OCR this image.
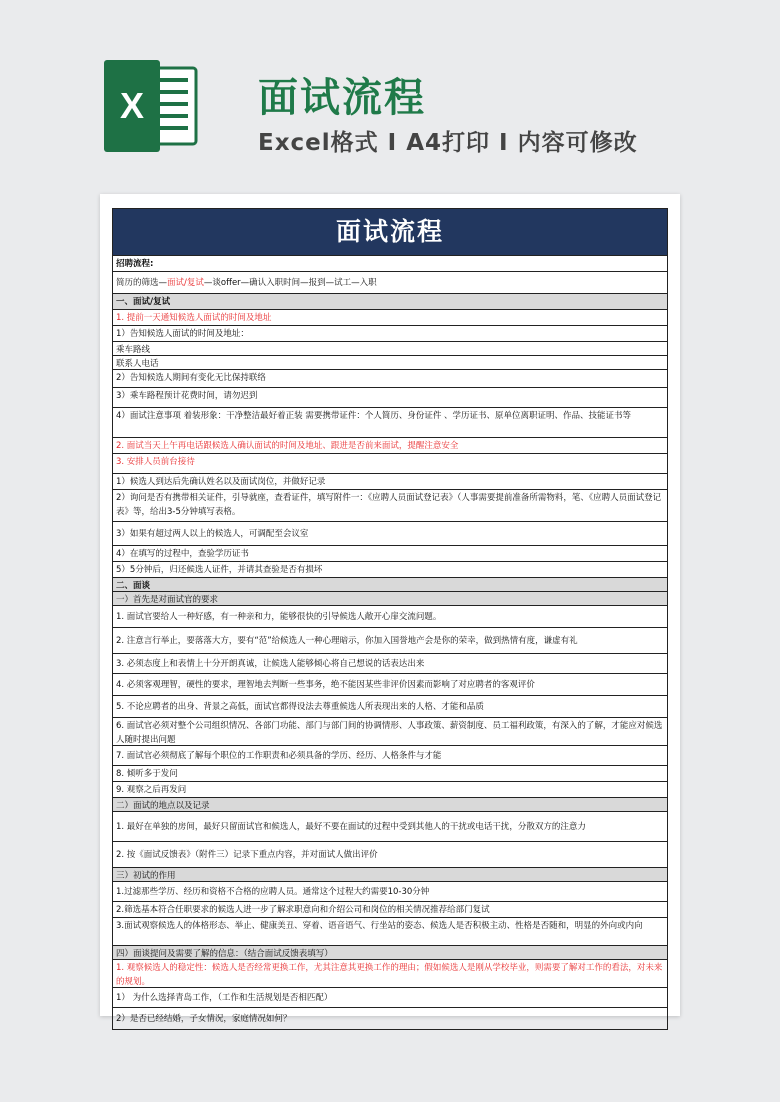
X	面试流程
Excel格式 I A4打印 I 内容可修改
面试流程
招聘流程:
简历的筛选—面试/复试—谈offer—确认入职时间—报到—试工—入职
一、面试/复试
1. 提前一天通知候选人面试的时间及地址
1）告知候选人面试的时间及地址：
乘车路线
联系人电话
2）告知候选人期间有变化无比保持联络
3）乘车路程预计花费时间，请勿迟到
4）面试注意事项 着装形象：干净整洁最好着正装 需要携带证件：个人简历、身份证件 、学历证书、原单位离职证明、作品、技能证书等
2. 面试当天上午再电话跟候选人确认面试的时间及地址、跟进是否前来面试，提醒注意安全
3. 安排人员前台接待
1）候选人到达后先确认姓名以及面试岗位，并做好记录
2）询问是否有携带相关证件，引导就座，查看证件，填写附件一：《应聘人员面试登记表》（人事需要提前准备所需物料，笔、《应聘人员面试登记表》等，给出3-5分钟填写表格。
3）如果有超过两人以上的候选人，可调配至会议室
4）在填写的过程中，查验学历证书
5）5分钟后，归还候选人证件，并请其查验是否有损坏
二、面谈
一）首先是对面试官的要求
1. 面试官要给人一种好感，有一种亲和力，能够很快的引导候选人敞开心扉交流问题。
2. 注意言行举止，要落落大方，要有“范”给候选人一种心理暗示，你加入国誉地产会是你的荣幸，做到热情有度，谦虚有礼
3. 必须态度上和表情上十分开朗真诚，让候选人能够倾心将自己想说的话表达出来
4. 必须客观理智，硬性的要求，理智地去判断一些事务，绝不能因某些非评价因素而影响了对应聘者的客观评价
5. 不论应聘者的出身、背景之高低，面试官都得设法去尊重候选人所表现出来的人格、才能和品质
6. 面试官必须对整个公司组织情况、各部门功能、部门与部门间的协调情形、人事政策、薪资制度、员工福利政策，有深入的了解，才能应对候选人随时提出问题
7. 面试官必须彻底了解每个职位的工作职责和必须具备的学历、经历、人格条件与才能
8. 倾听多于发问
9. 观察之后再发问
二）面试的地点以及记录
1. 最好在单独的房间，最好只留面试官和候选人，最好不要在面试的过程中受到其他人的干扰或电话干扰，分散双方的注意力
2. 按《面试反馈表》（附件三）记录下重点内容，并对面试人做出评价
三）初试的作用
1.过滤那些学历、经历和资格不合格的应聘人员。通常这个过程大约需要10-30分钟
2.筛选基本符合任职要求的候选人进一步了解求职意向和介绍公司和岗位的相关情况推荐给部门复试
3.面试观察候选人的体格形态、举止、健康美丑、穿着、语音语气、行坐站的姿态、候选人是否积极主动、性格是否随和，明显的外向或内向
四）面谈提问及需要了解的信息：（结合面试反馈表填写）
1. 观察候选人的稳定性：候选人是否经常更换工作，尤其注意其更换工作的理由；假如候选人是刚从学校毕业，则需要了解对工作的看法，对未来的规划。
1） 为什么选择青岛工作，（工作和生活规划是否相匹配）
2）是否已经结婚，子女情况，家庭情况如何？
